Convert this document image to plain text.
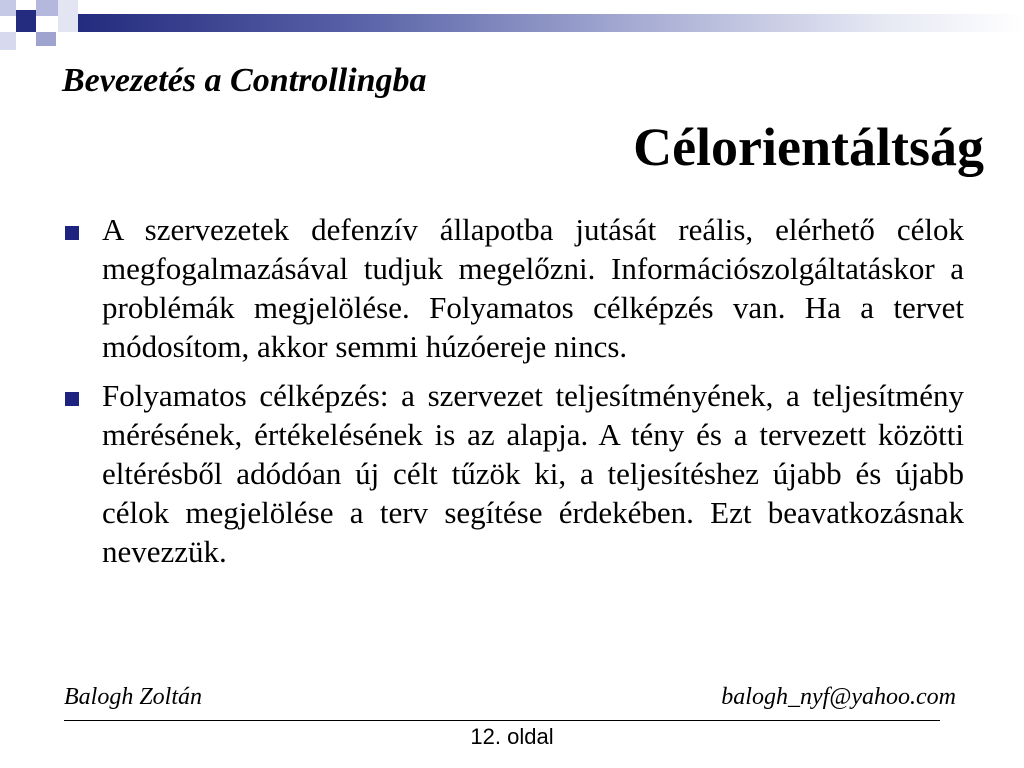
Bevezetés a Controllingba
Célorientáltság
A szervezetek defenzív állapotba jutását reális, elérhető célok megfogalmazásával tudjuk megelőzni. Információszolgáltatáskor a problémák megjelölése. Folyamatos célképzés van. Ha a tervet módosítom, akkor semmi húzóereje nincs.
Folyamatos célképzés: a szervezet teljesítményének, a teljesítmény mérésének, értékelésének is az alapja. A tény és a tervezett közötti eltérésből adódóan új célt tűzök ki, a teljesítéshez újabb és újabb célok megjelölése a terv segítése érdekében. Ezt beavatkozásnak nevezzük.
Balogh Zoltán	balogh_nyf@yahoo.com
12. oldal
